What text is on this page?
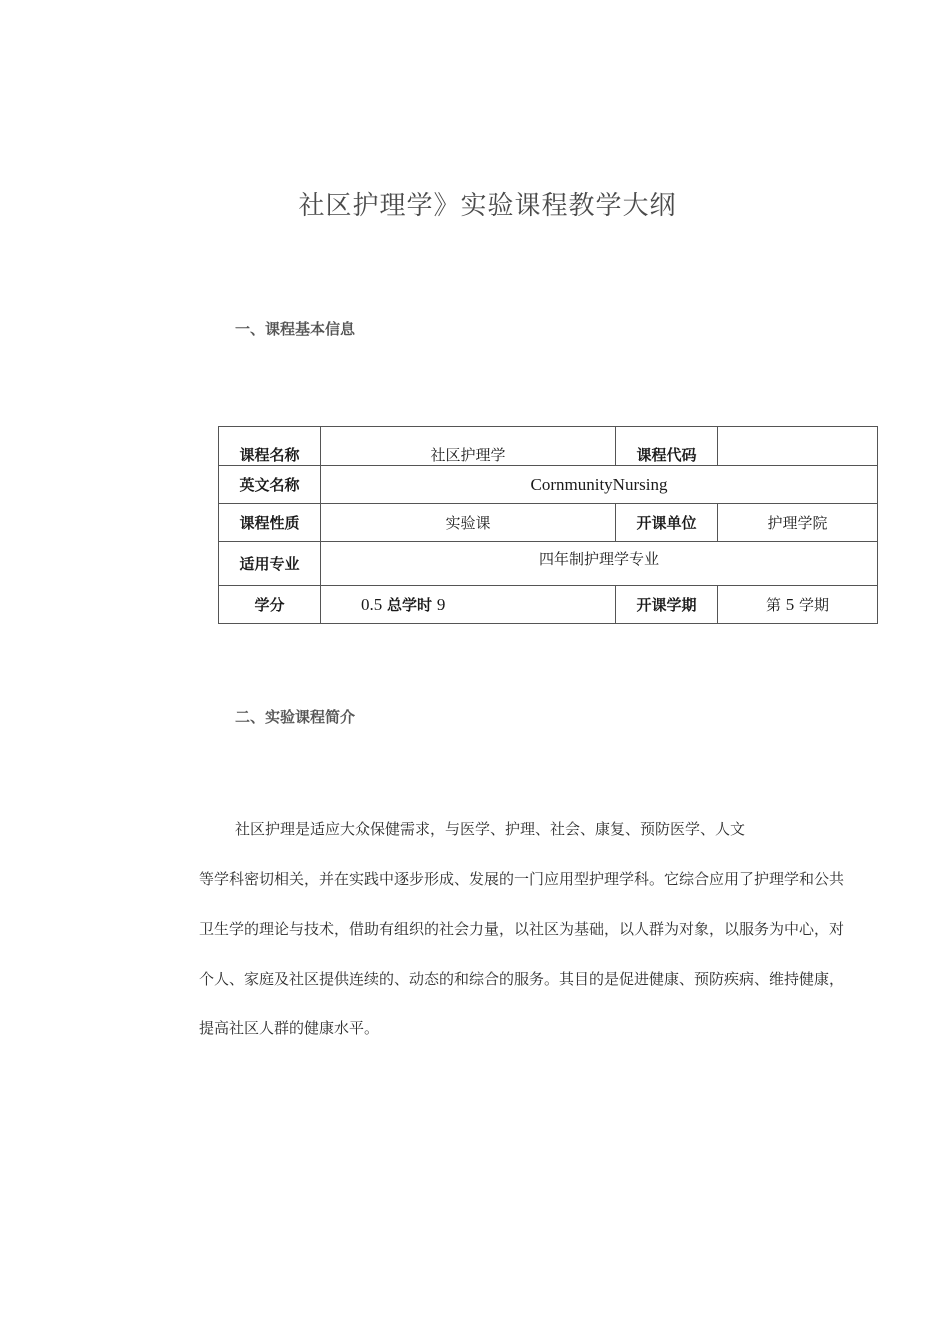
社区护理学》实验课程教学大纲
一、课程基本信息
课程名称	社区护理学	课程代码	
英文名称	CornmunityNursing		
课程性质	实验课	开课单位	护理学院
适用专业	四年制护理学专业		
学分	0.5 总学时 9	开课学期	第 5 学期
二、实验课程简介
社区护理是适应大众保健需求，与医学、护理、社会、康复、预防医学、人文
等学科密切相关，并在实践中逐步形成、发展的一门应用型护理学科。它综合应用了护理学和公共
卫生学的理论与技术，借助有组织的社会力量，以社区为基础，以人群为对象，以服务为中心，对
个人、家庭及社区提供连续的、动态的和综合的服务。其目的是促进健康、预防疾病、维持健康，
提高社区人群的健康水平。
